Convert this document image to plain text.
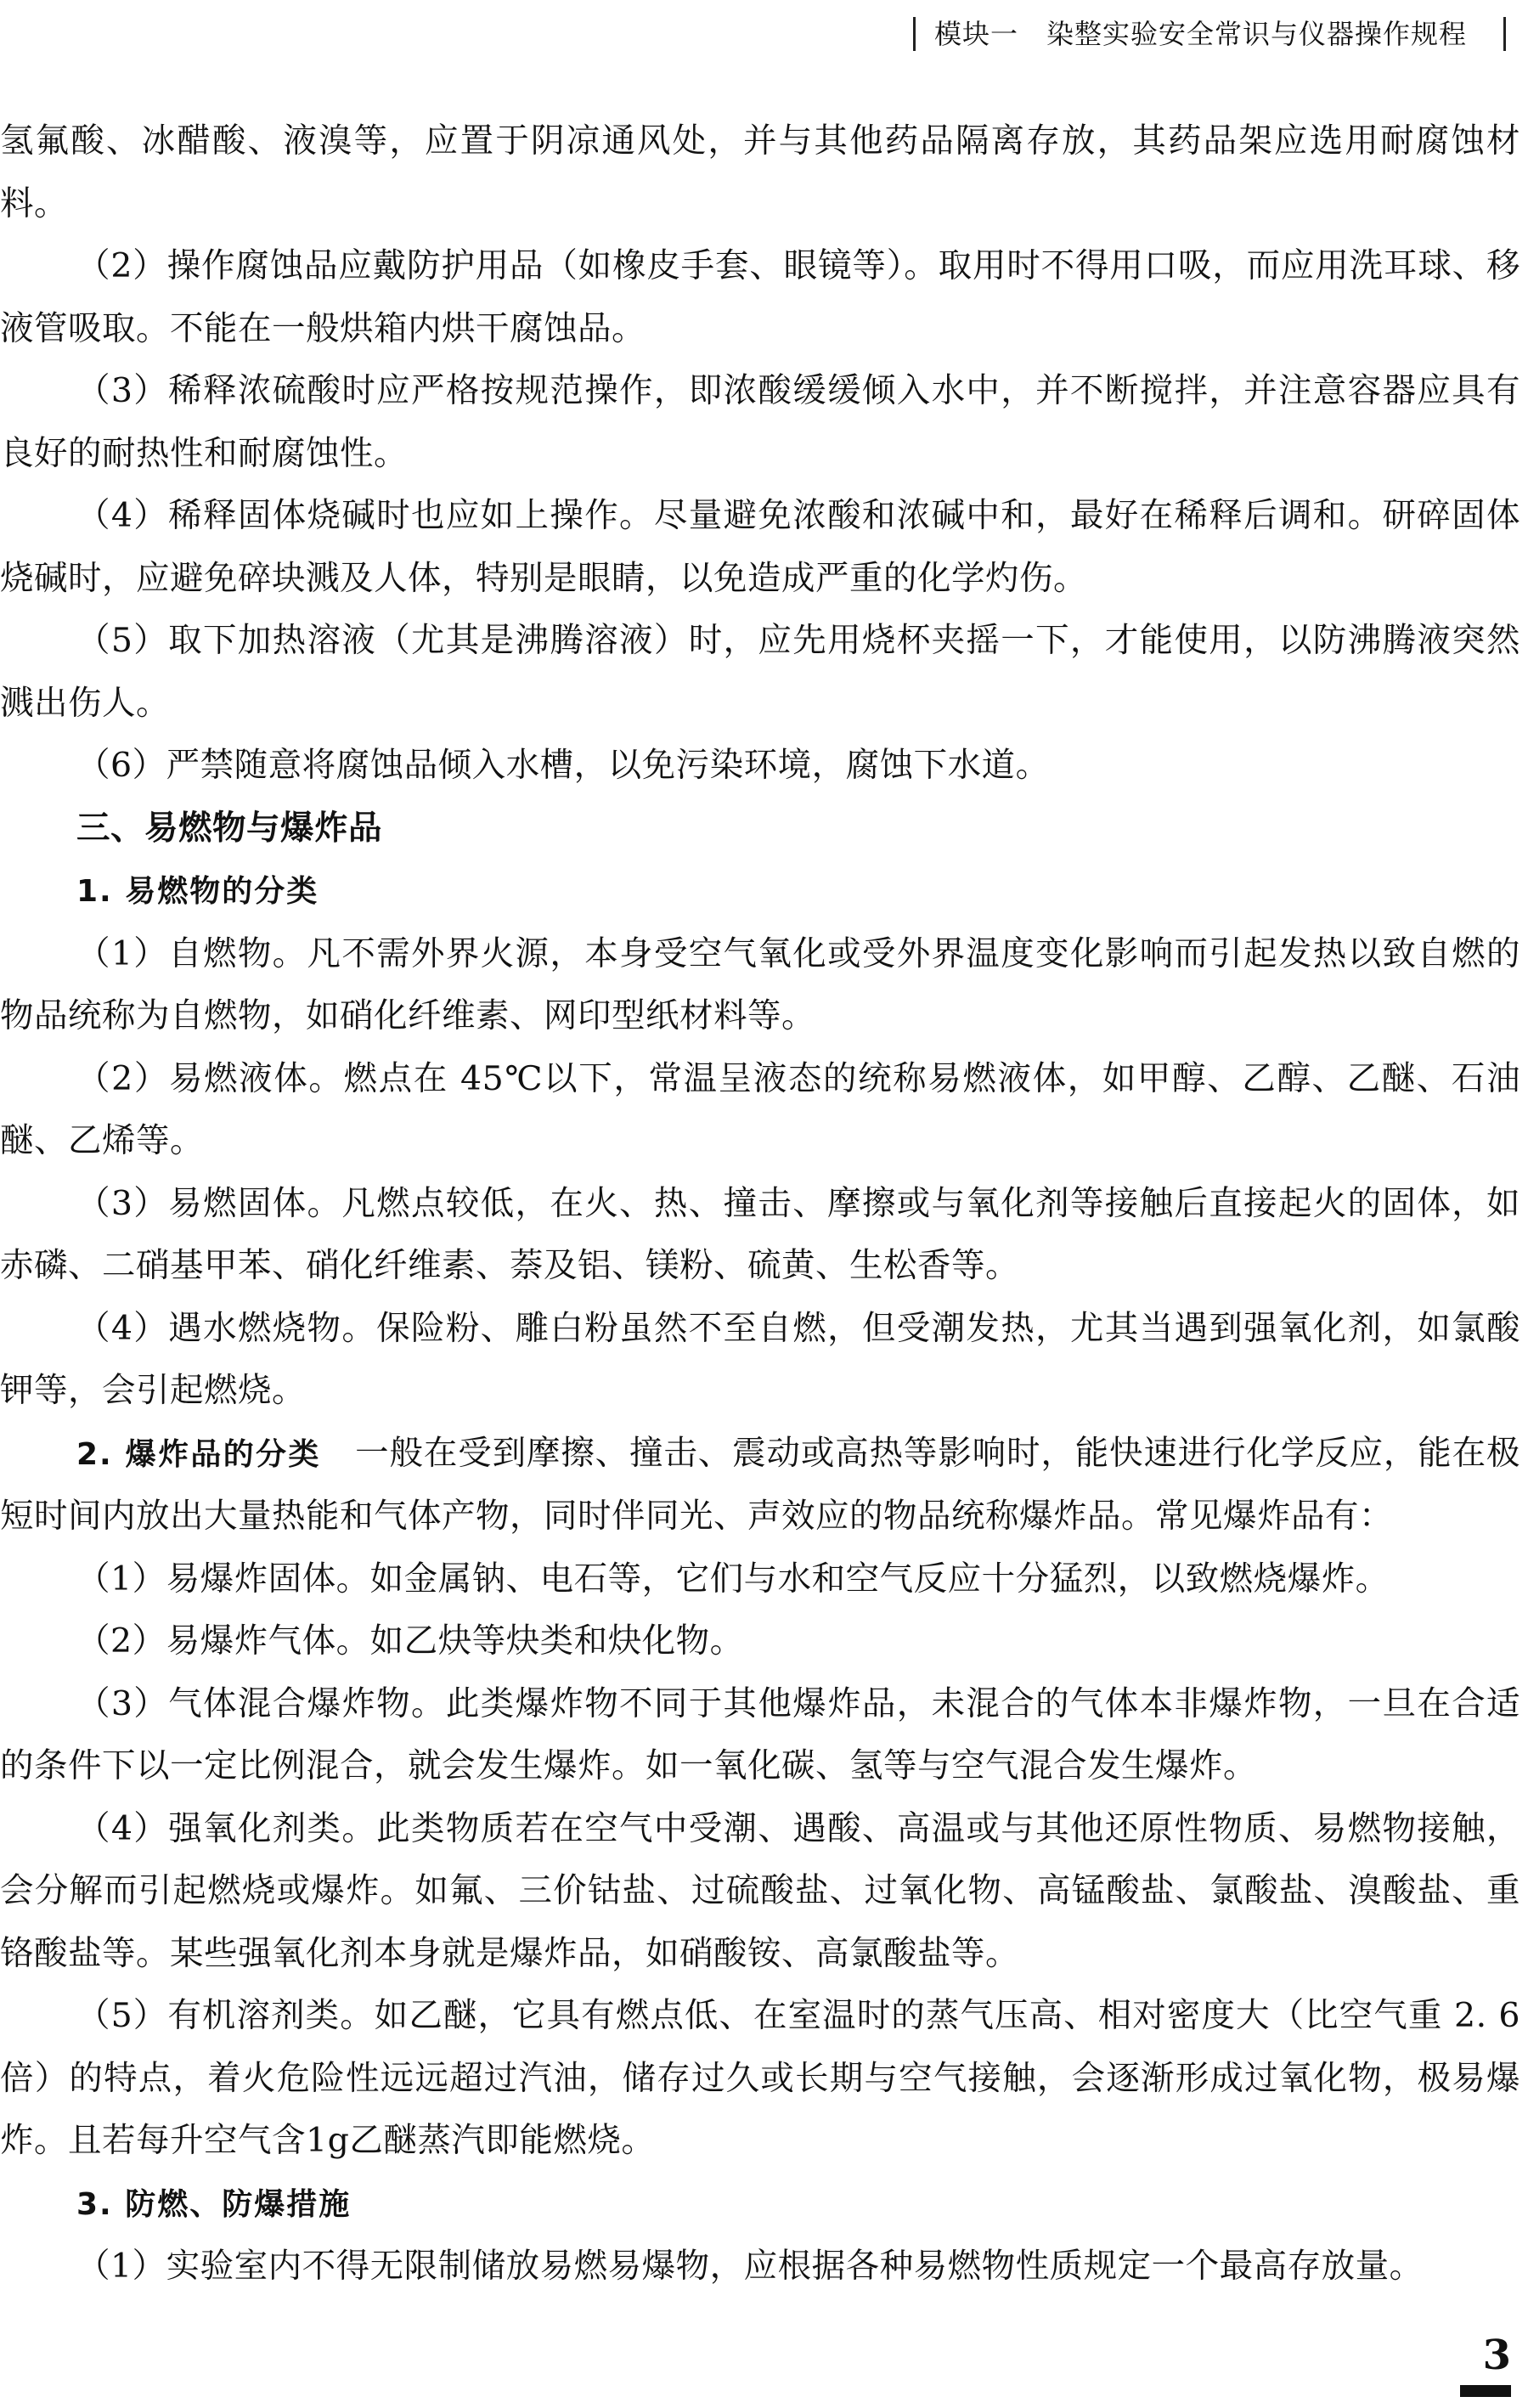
模块一　染整实验安全常识与仪器操作规程

氢氟酸、冰醋酸、液溴等，应置于阴凉通风处，并与其他药品隔离存放，其药品架应选用耐腐蚀材料。

（2）操作腐蚀品应戴防护用品（如橡皮手套、眼镜等）。取用时不得用口吸，而应用洗耳球、移液管吸取。不能在一般烘箱内烘干腐蚀品。

（3）稀释浓硫酸时应严格按规范操作，即浓酸缓缓倾入水中，并不断搅拌，并注意容器应具有良好的耐热性和耐腐蚀性。

（4）稀释固体烧碱时也应如上操作。尽量避免浓酸和浓碱中和，最好在稀释后调和。研碎固体烧碱时，应避免碎块溅及人体，特别是眼睛，以免造成严重的化学灼伤。

（5）取下加热溶液（尤其是沸腾溶液）时，应先用烧杯夹摇一下，才能使用，以防沸腾液突然溅出伤人。

（6）严禁随意将腐蚀品倾入水槽，以免污染环境，腐蚀下水道。

三、易燃物与爆炸品

1. 易燃物的分类

（1）自燃物。凡不需外界火源，本身受空气氧化或受外界温度变化影响而引起发热以致自燃的物品统称为自燃物，如硝化纤维素、网印型纸材料等。

（2）易燃液体。燃点在 45℃以下，常温呈液态的统称易燃液体，如甲醇、乙醇、乙醚、石油醚、乙烯等。

（3）易燃固体。凡燃点较低，在火、热、撞击、摩擦或与氧化剂等接触后直接起火的固体，如赤磷、二硝基甲苯、硝化纤维素、萘及铝、镁粉、硫黄、生松香等。

（4）遇水燃烧物。保险粉、雕白粉虽然不至自燃，但受潮发热，尤其当遇到强氧化剂，如氯酸钾等，会引起燃烧。

2. 爆炸品的分类　一般在受到摩擦、撞击、震动或高热等影响时，能快速进行化学反应，能在极短时间内放出大量热能和气体产物，同时伴同光、声效应的物品统称爆炸品。常见爆炸品有：

（1）易爆炸固体。如金属钠、电石等，它们与水和空气反应十分猛烈，以致燃烧爆炸。

（2）易爆炸气体。如乙炔等炔类和炔化物。

（3）气体混合爆炸物。此类爆炸物不同于其他爆炸品，未混合的气体本非爆炸物，一旦在合适的条件下以一定比例混合，就会发生爆炸。如一氧化碳、氢等与空气混合发生爆炸。

（4）强氧化剂类。此类物质若在空气中受潮、遇酸、高温或与其他还原性物质、易燃物接触，会分解而引起燃烧或爆炸。如氟、三价钴盐、过硫酸盐、过氧化物、高锰酸盐、氯酸盐、溴酸盐、重铬酸盐等。某些强氧化剂本身就是爆炸品，如硝酸铵、高氯酸盐等。

（5）有机溶剂类。如乙醚，它具有燃点低、在室温时的蒸气压高、相对密度大（比空气重 2. 6倍）的特点，着火危险性远远超过汽油，储存过久或长期与空气接触，会逐渐形成过氧化物，极易爆炸。且若每升空气含1g乙醚蒸汽即能燃烧。

3. 防燃、防爆措施

（1）实验室内不得无限制储放易燃易爆物，应根据各种易燃物性质规定一个最高存放量。

3
